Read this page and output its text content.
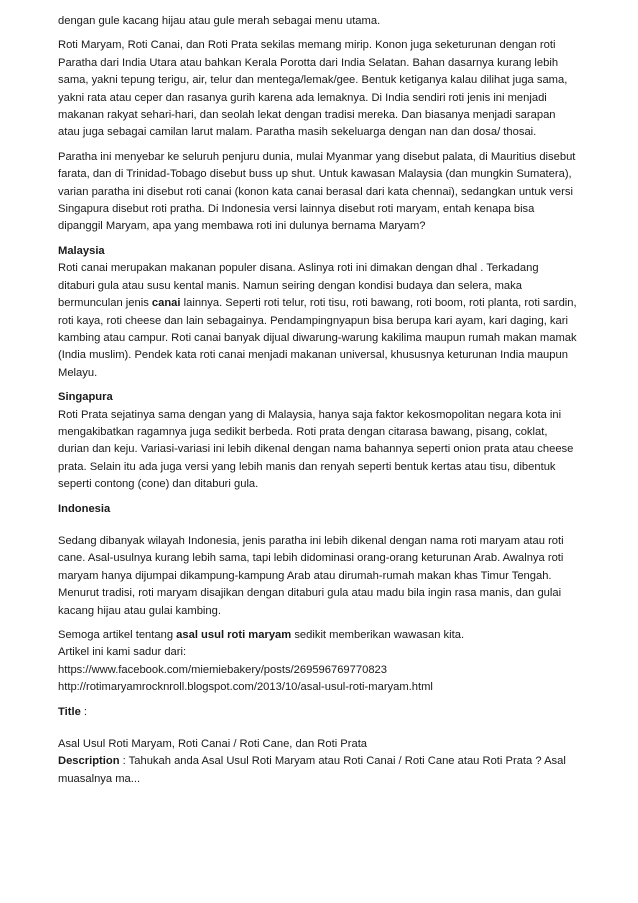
dengan gule kacang hijau atau gule merah sebagai menu utama.

Roti Maryam, Roti Canai, dan Roti Prata sekilas memang mirip. Konon juga seketurunan dengan roti Paratha dari India Utara atau bahkan Kerala Porotta dari India Selatan. Bahan dasarnya kurang lebih sama, yakni tepung terigu, air, telur dan mentega/lemak/gee. Bentuk ketiganya kalau dilihat juga sama, yakni rata atau ceper dan rasanya gurih karena ada lemaknya. Di India sendiri roti jenis ini menjadi makanan rakyat sehari-hari, dan seolah lekat dengan tradisi mereka. Dan biasanya menjadi sarapan atau juga sebagai camilan larut malam. Paratha masih sekeluarga dengan nan dan dosa/ thosai.

Paratha ini menyebar ke seluruh penjuru dunia, mulai Myanmar yang disebut palata, di Mauritius disebut farata, dan di Trinidad-Tobago disebut buss up shut. Untuk kawasan Malaysia (dan mungkin Sumatera), varian paratha ini disebut roti canai (konon kata canai berasal dari kata chennai), sedangkan untuk versi Singapura disebut roti pratha. Di Indonesia versi lainnya disebut roti maryam, entah kenapa bisa dipanggil Maryam, apa yang membawa roti ini dulunya bernama Maryam?

Malaysia

Roti canai merupakan makanan populer disana. Aslinya roti ini dimakan dengan dhal . Terkadang ditaburi gula atau susu kental manis. Namun seiring dengan kondisi budaya dan selera, maka bermunculan jenis canai lainnya. Seperti roti telur, roti tisu, roti bawang, roti boom, roti planta, roti sardin, roti kaya, roti cheese dan lain sebagainya. Pendampingnyapun bisa berupa kari ayam, kari daging, kari kambing atau campur. Roti canai banyak dijual diwarung-warung kakilima maupun rumah makan mamak (India muslim). Pendek kata roti canai menjadi makanan universal, khususnya keturunan India maupun Melayu.

Singapura

Roti Prata sejatinya sama dengan yang di Malaysia, hanya saja faktor kekosmopolitan negara kota ini mengakibatkan ragamnya juga sedikit berbeda. Roti prata dengan citarasa bawang, pisang, coklat, durian dan keju. Variasi-variasi ini lebih dikenal dengan nama bahannya seperti onion prata atau cheese prata. Selain itu ada juga versi yang lebih manis dan renyah seperti bentuk kertas atau tisu, dibentuk seperti contong (cone) dan ditaburi gula.

Indonesia

Sedang dibanyak wilayah Indonesia, jenis paratha ini lebih dikenal dengan nama roti maryam atau roti cane. Asal-usulnya kurang lebih sama, tapi lebih didominasi orang-orang keturunan Arab. Awalnya roti maryam hanya dijumpai dikampung-kampung Arab atau dirumah-rumah makan khas Timur Tengah. Menurut tradisi, roti maryam disajikan dengan ditaburi gula atau madu bila ingin rasa manis, dan gulai kacang hijau atau gulai kambing.

Semoga artikel tentang asal usul roti maryam sedikit memberikan wawasan kita.

Artikel ini kami sadur dari:

https://www.facebook.com/miemiebakery/posts/269596769770823

http://rotimaryamrocknroll.blogspot.com/2013/10/asal-usul-roti-maryam.html

Title :

Asal Usul Roti Maryam, Roti Canai / Roti Cane, dan Roti Prata

Description : Tahukah anda Asal Usul Roti Maryam atau Roti Canai / Roti Cane atau Roti Prata ? Asal muasalnya ma...
